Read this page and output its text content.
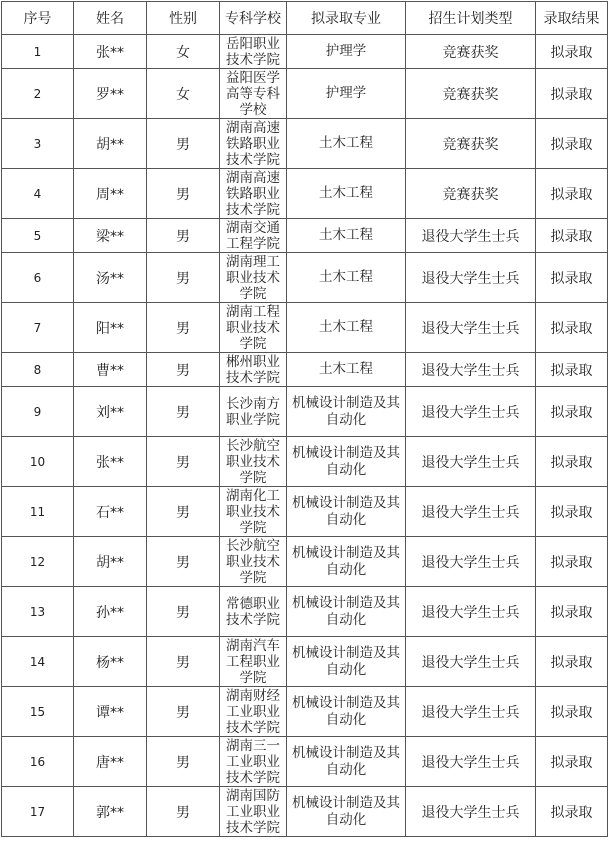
序号	姓名	性别	专科学校	拟录取专业	招生计划类型	录取结果
1	张**	女	岳阳职业技术学院	护理学	竞赛获奖	拟录取
2	罗**	女	益阳医学高等专科学校	护理学	竞赛获奖	拟录取
3	胡**	男	湖南高速铁路职业技术学院	土木工程	竞赛获奖	拟录取
4	周**	男	湖南高速铁路职业技术学院	土木工程	竞赛获奖	拟录取
5	梁**	男	湖南交通工程学院	土木工程	退役大学生士兵	拟录取
6	汤**	男	湖南理工职业技术学院	土木工程	退役大学生士兵	拟录取
7	阳**	男	湖南工程职业技术学院	土木工程	退役大学生士兵	拟录取
8	曹**	男	郴州职业技术学院	土木工程	退役大学生士兵	拟录取
9	刘**	男	长沙南方职业学院	机械设计制造及其自动化	退役大学生士兵	拟录取
10	张**	男	长沙航空职业技术学院	机械设计制造及其自动化	退役大学生士兵	拟录取
11	石**	男	湖南化工职业技术学院	机械设计制造及其自动化	退役大学生士兵	拟录取
12	胡**	男	长沙航空职业技术学院	机械设计制造及其自动化	退役大学生士兵	拟录取
13	孙**	男	常德职业技术学院	机械设计制造及其自动化	退役大学生士兵	拟录取
14	杨**	男	湖南汽车工程职业学院	机械设计制造及其自动化	退役大学生士兵	拟录取
15	谭**	男	湖南财经工业职业技术学院	机械设计制造及其自动化	退役大学生士兵	拟录取
16	唐**	男	湖南三一工业职业技术学院	机械设计制造及其自动化	退役大学生士兵	拟录取
17	郭**	男	湖南国防工业职业技术学院	机械设计制造及其自动化	退役大学生士兵	拟录取
